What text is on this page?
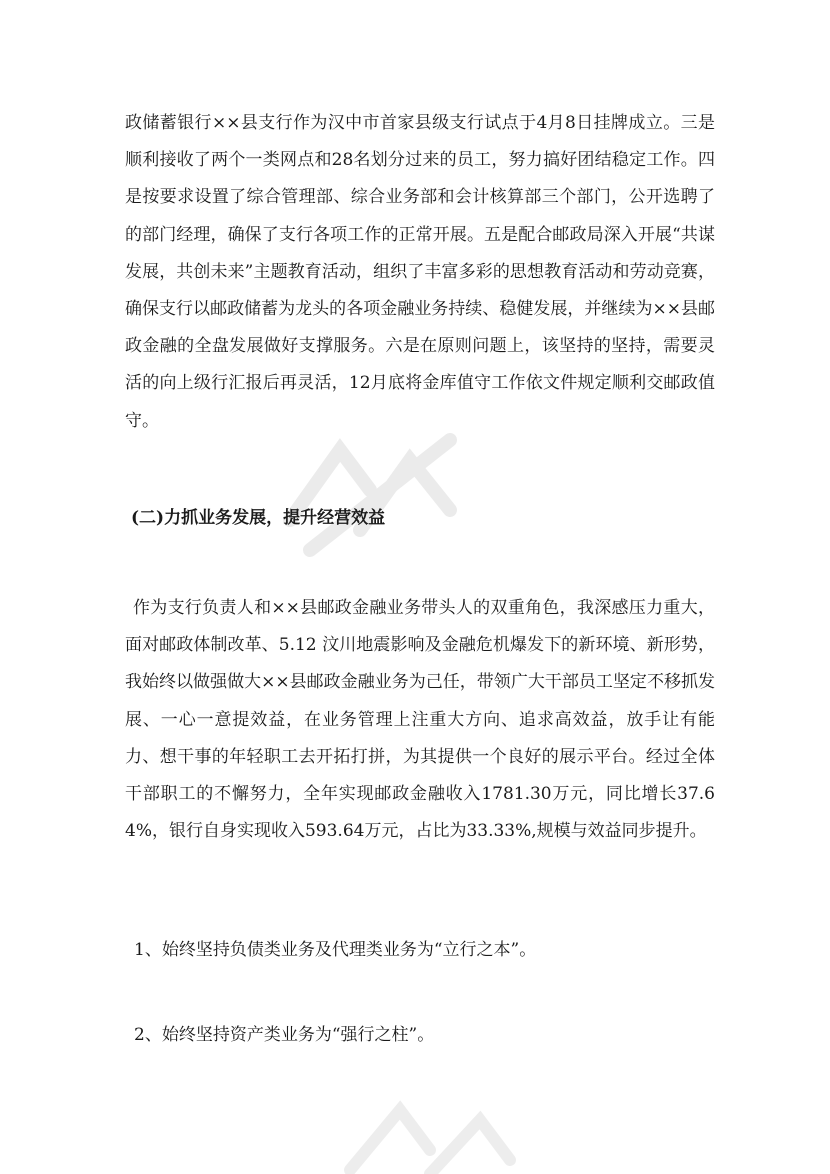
政储蓄银行××县支行作为汉中市首家县级支行试点于4月8日挂牌成立。三是顺利接收了两个一类网点和28名划分过来的员工，努力搞好团结稳定工作。四是按要求设置了综合管理部、综合业务部和会计核算部三个部门，公开选聘了的部门经理，确保了支行各项工作的正常开展。五是配合邮政局深入开展“共谋发展，共创未来”主题教育活动，组织了丰富多彩的思想教育活动和劳动竞赛，确保支行以邮政储蓄为龙头的各项金融业务持续、稳健发展，并继续为××县邮政金融的全盘发展做好支撑服务。六是在原则问题上，该坚持的坚持，需要灵活的向上级行汇报后再灵活，12月底将金库值守工作依文件规定顺利交邮政值守。

(二)力抓业务发展，提升经营效益

作为支行负责人和××县邮政金融业务带头人的双重角色，我深感压力重大，面对邮政体制改革、5.12 汶川地震影响及金融危机爆发下的新环境、新形势，我始终以做强做大××县邮政金融业务为己任，带领广大干部员工坚定不移抓发展、一心一意提效益，在业务管理上注重大方向、追求高效益，放手让有能力、想干事的年轻职工去开拓打拼，为其提供一个良好的展示平台。经过全体干部职工的不懈努力，全年实现邮政金融收入1781.30万元，同比增长37.64%，银行自身实现收入593.64万元，占比为33.33%,规模与效益同步提升。

1、始终坚持负债类业务及代理类业务为“立行之本”。

2、始终坚持资产类业务为“强行之柱”。
